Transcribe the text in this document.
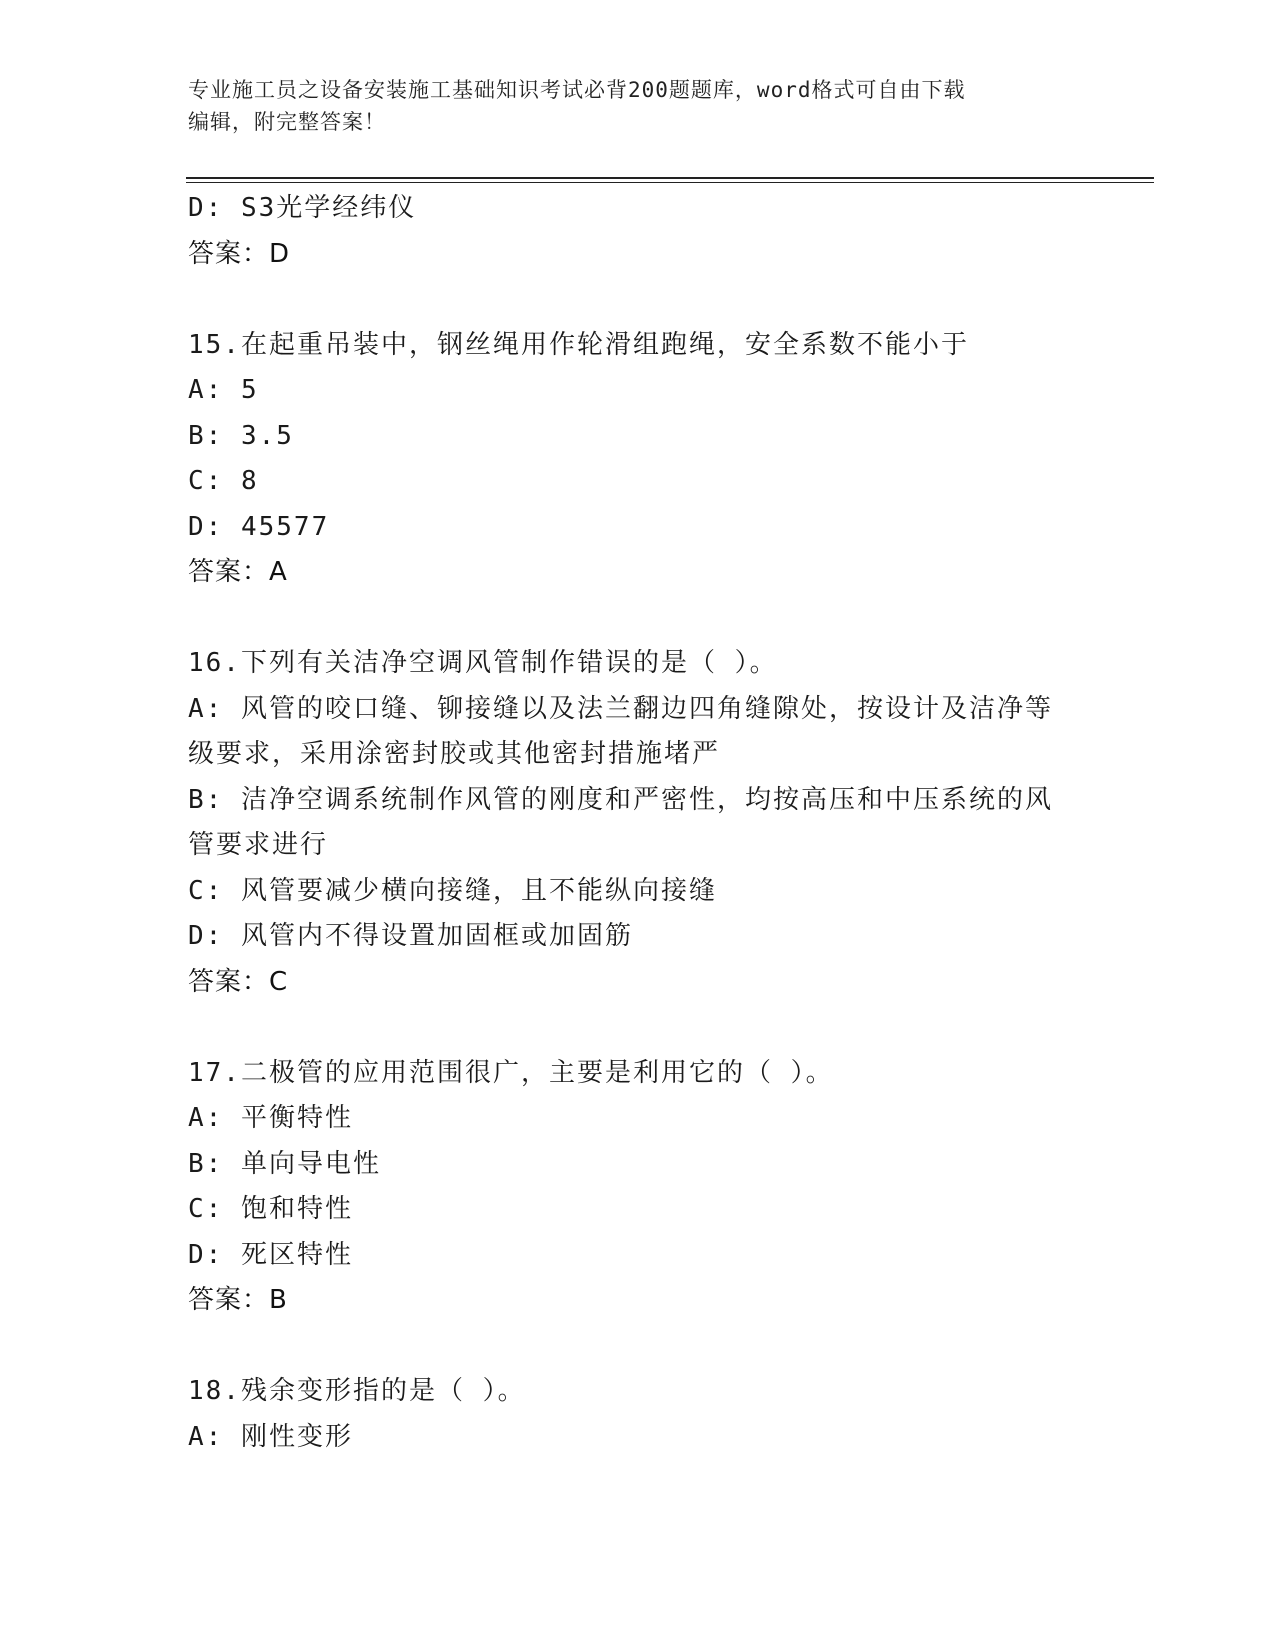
专业施工员之设备安装施工基础知识考试必背200题题库，word格式可自由下载
编辑，附完整答案！
D: S3光学经纬仪
答案：D
15.在起重吊装中，钢丝绳用作轮滑组跑绳，安全系数不能小于
A: 5
B: 3.5
C: 8
D: 45577
答案：A
16.下列有关洁净空调风管制作错误的是（ ）。
A: 风管的咬口缝、铆接缝以及法兰翻边四角缝隙处，按设计及洁净等
级要求，采用涂密封胶或其他密封措施堵严
B: 洁净空调系统制作风管的刚度和严密性，均按高压和中压系统的风
管要求进行
C: 风管要减少横向接缝，且不能纵向接缝
D: 风管内不得设置加固框或加固筋
答案：C
17.二极管的应用范围很广，主要是利用它的（ ）。
A: 平衡特性
B: 单向导电性
C: 饱和特性
D: 死区特性
答案：B
18.残余变形指的是（ ）。
A: 刚性变形
